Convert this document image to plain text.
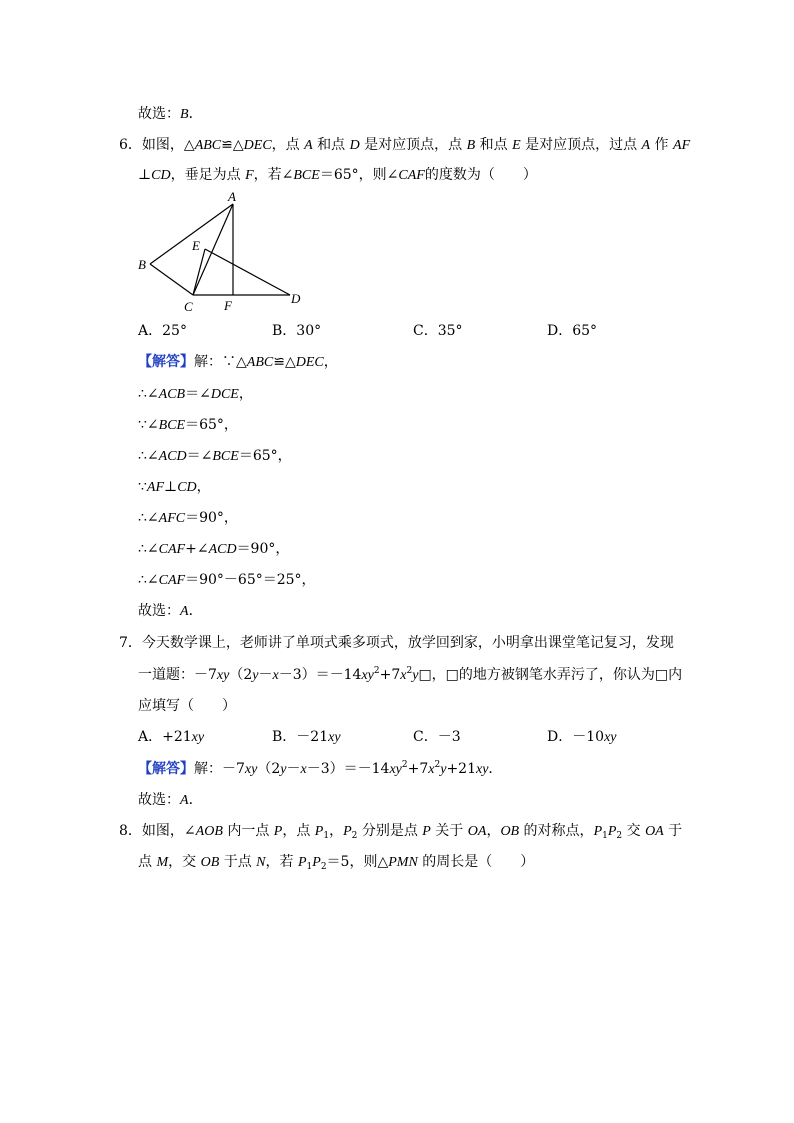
故选：B．
6．如图，△ABC≌△DEC，点 A 和点 D 是对应顶点，点 B 和点 E 是对应顶点，过点 A 作 AF
⊥CD，垂足为点 F，若∠BCE＝65°，则∠CAF的度数为（　　）
A
B
C
D
E
F
A．25°	B．30°	C．35°	D．65°
【解答】解：∵△ABC≌△DEC，
∴∠ACB＝∠DCE，
∵∠BCE＝65°，
∴∠ACD＝∠BCE＝65°，
∵AF⊥CD，
∴∠AFC＝90°，
∴∠CAF+∠ACD＝90°，
∴∠CAF＝90°－65°＝25°，
故选：A．
7．今天数学课上，老师讲了单项式乘多项式，放学回到家，小明拿出课堂笔记复习，发现
一道题：$-7xy(2y-x-3)=-14xy^2+7x^2y□$，□的地方被钢笔水弄污了，你认为□内
应填写（　　）
A．+21xy	B．－21xy	C．－3	D．－10xy
【解答】解：$-7xy(2y-x-3)=-14xy^2+7x^2y+21xy$．
故选：A．
8．如图，∠AOB 内一点 P，点 $P_1$，$P_2$ 分别是点 P 关于 OA，OB 的对称点，$P_1P_2$ 交 OA 于
点 M，交 OB 于点 N，若 $P_1P_2=5$，则△PMN 的周长是（　　）
